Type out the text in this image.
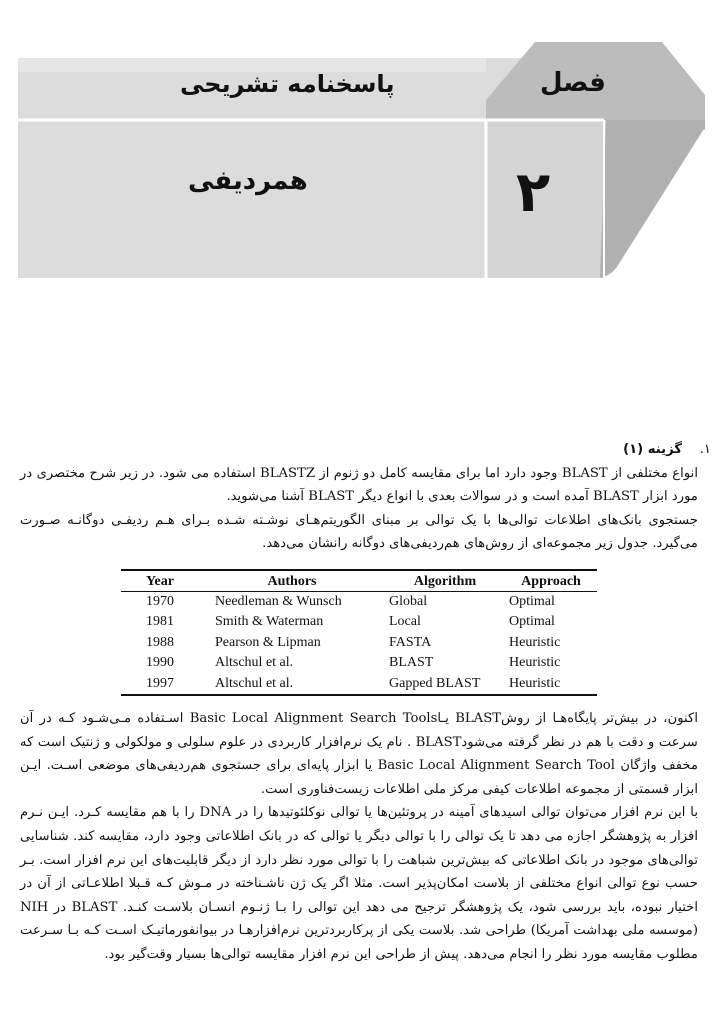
پاسخنامه تشریحی
همردیفی
فصل
۲

۱.
گزینه (۱)

انواع مختلفی از BLAST وجود دارد اما برای مقایسه کامل دو ژنوم از BLASTZ استفاده می شود. در زیر شرح مختصری در مورد ابزار BLAST آمده است و در سوالات بعدی با انواع دیگر BLAST آشنا می‌شوید.

جستجوی بانک‌های اطلاعات توالی‌ها با یک توالی بر مبنای الگوریتم‌هـای نوشـته شـده بـرای هـم ردیفـی دوگانـه صـورت می‌گیرد. جدول زیر مجموعه‌ای از روش‌های هم‌ردیفی‌های دوگانه رانشان می‌دهد.

Year	Authors	Algorithm	Approach
1970	Needleman & Wunsch	Global	Optimal
1981	Smith & Waterman	Local	Optimal
1988	Pearson & Lipman	FASTA	Heuristic
1990	Altschul et al.	BLAST	Heuristic
1997	Altschul et al.	Gapped BLAST	Heuristic

اکنون، در بیش‌تر پایگاه‌هـا از روشBLAST یـاBasic Local Alignment Search Tools اسـتفاده مـی‌شـود کـه در آن سرعت و دقت با هم در نظر گرفته می‌شودBLAST . نام یک نرم‌افزار کاربردی در علوم سلولی و مولکولی و ژنتیک است که مخفف واژگان Basic Local Alignment Search Tool یا ابزار پایه‌ای برای جستجوی هم‌ردیفی‌های موضعی اسـت. ایـن ابزار قسمتی از مجموعه اطلاعات کیفی مرکز ملی اطلاعات زیست‌فناوری است.

با این نرم افزار می‌توان توالی اسیدهای آمینه در پروتئین‌ها یا توالی نوکلئوتیدها را در DNA را با هم مقایسه کـرد. ایـن نـرم افزار به پژوهشگر اجازه می دهد تا یک توالی را با توالی دیگر یا توالی که در بانک اطلاعاتی وجود دارد، مقایسه کند. شناسایی توالی‌های موجود در بانک اطلاعاتی که بیش‌ترین شباهت را با توالی مورد نظر دارد از دیگر قابلیت‌های این نرم افزار است. بـر حسب نوع توالی انواع مختلفی از بلاست امکان‌پذیر است. مثلا اگر یک ژن ناشـناخته در مـوش کـه قـبلا اطلاعـاتی از آن در اختیار نبوده، باید بررسی شود، یک پژوهشگر ترجیح می دهد این توالی را بـا ژنـوم انسـان بلاسـت کنـد. BLAST در NIH (موسسه ملی بهداشت آمریکا) طراحی شد. بلاست یکی از پرکاربردترین نرم‌افزارهـا در بیوانفورماتیـک اسـت کـه بـا سـرعت مطلوب مقایسه مورد نظر را انجام می‌دهد. پیش از طراحی این نرم افزار مقایسه توالی‌ها بسیار وقت‌گیر بود.
